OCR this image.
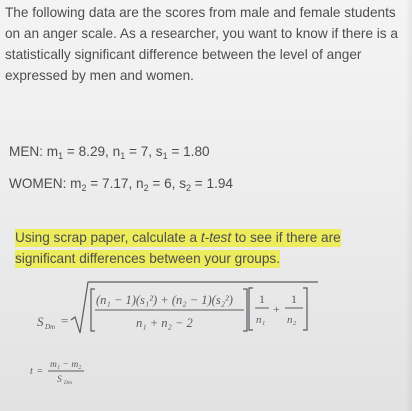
The following data are the scores from male and female students on an anger scale. As a researcher, you want to know if there is a statistically significant difference between the level of anger expressed by men and women.

MEN: $m_1 = 8.29$, $n_1 = 7$, $s_1 = 1.80$

WOMEN: $m_2 = 7.17$, $n_2 = 6$, $s_2 = 1.94$

Using scrap paper, calculate a t-test to see if there are significant differences between your groups.

S Dm =
(n₁ − 1)(s₁²) + (n₂ − 1)(s₂²)
n₁ + n₂ − 2
1
n₁
+
1
n₂
t =
m₁ − m₂
S Dm
